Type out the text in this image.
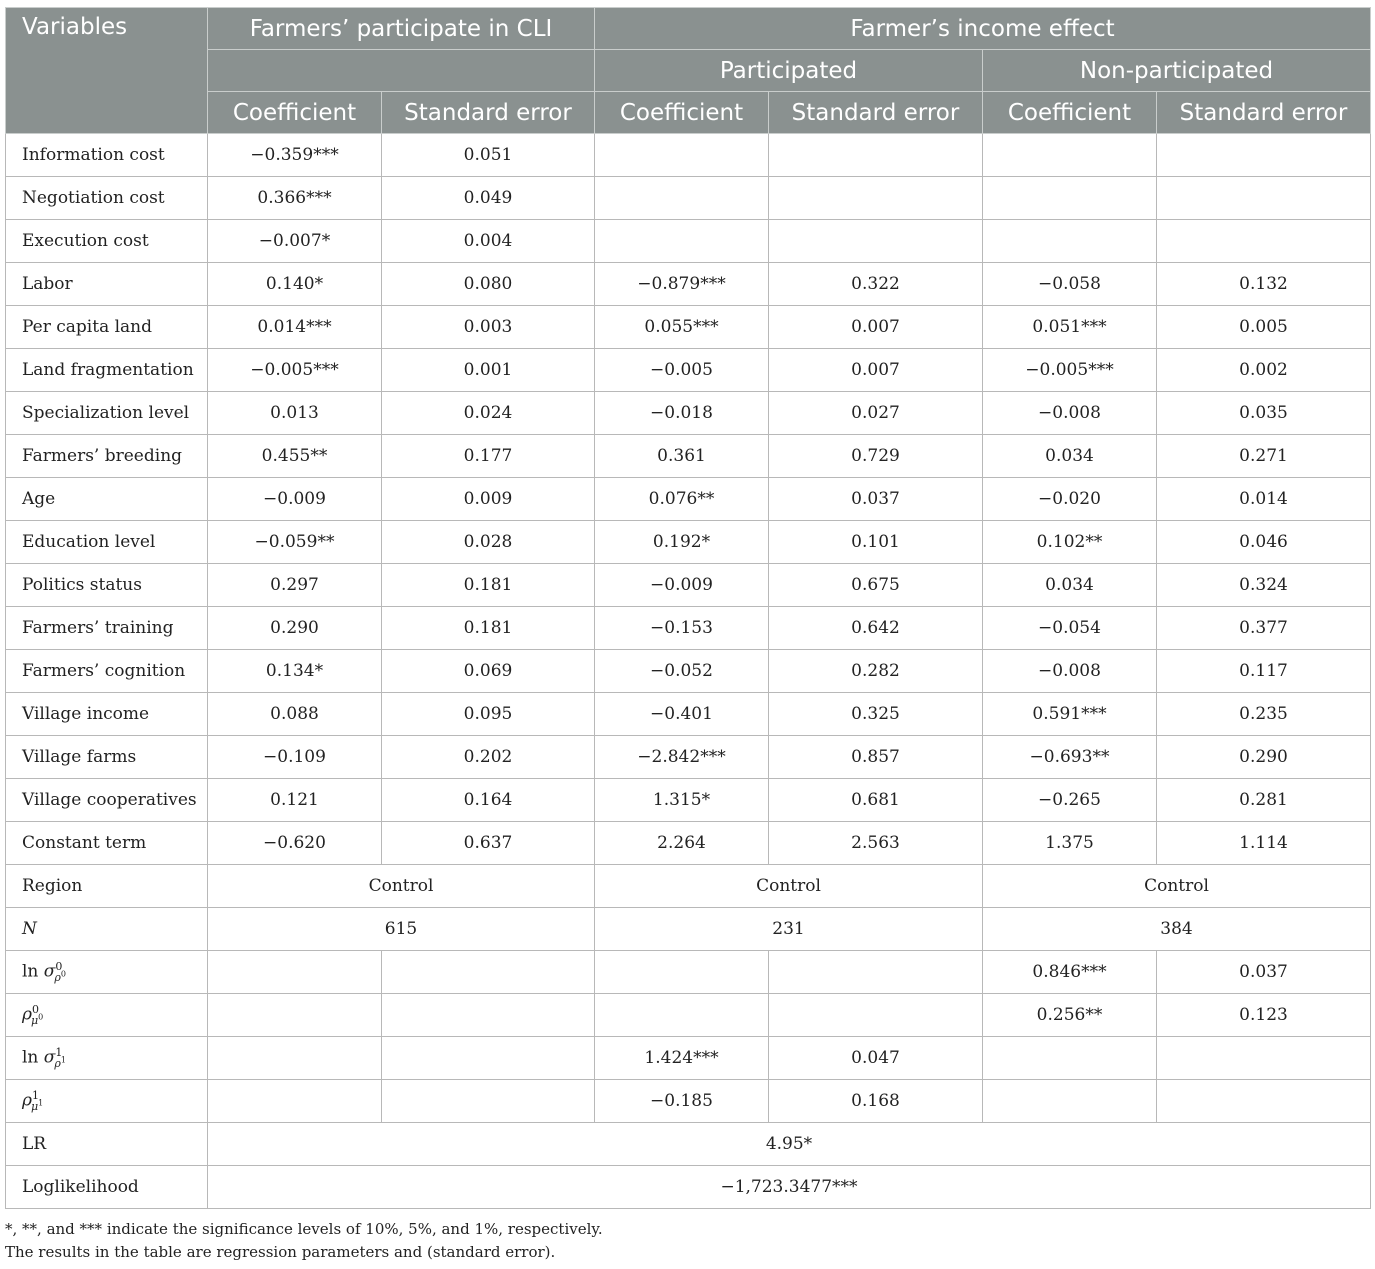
Variables	Farmers’ participate in CLI		Farmer’s income effect			
			Participated		Non-participated	
	Coefficient	Standard error	Coefficient	Standard error	Coefficient	Standard error
Information cost	−0.359***	0.051				
Negotiation cost	0.366***	0.049				
Execution cost	−0.007*	0.004				
Labor	0.140*	0.080	−0.879***	0.322	−0.058	0.132
Per capita land	0.014***	0.003	0.055***	0.007	0.051***	0.005
Land fragmentation	−0.005***	0.001	−0.005	0.007	−0.005***	0.002
Specialization level	0.013	0.024	−0.018	0.027	−0.008	0.035
Farmers’ breeding	0.455**	0.177	0.361	0.729	0.034	0.271
Age	−0.009	0.009	0.076**	0.037	−0.020	0.014
Education level	−0.059**	0.028	0.192*	0.101	0.102**	0.046
Politics status	0.297	0.181	−0.009	0.675	0.034	0.324
Farmers’ training	0.290	0.181	−0.153	0.642	−0.054	0.377
Farmers’ cognition	0.134*	0.069	−0.052	0.282	−0.008	0.117
Village income	0.088	0.095	−0.401	0.325	0.591***	0.235
Village farms	−0.109	0.202	−2.842***	0.857	−0.693**	0.290
Village cooperatives	0.121	0.164	1.315*	0.681	−0.265	0.281
Constant term	−0.620	0.637	2.264	2.563	1.375	1.114
Region	Control		Control		Control	
N	615		231		384	
$\ln \sigma^0_{\rho^0}$					0.846***	0.037
$\rho^0_{\mu^0}$					0.256**	0.123
$\ln \sigma^1_{\rho^1}$			1.424***	0.047		
$\rho^1_{\mu^1}$			−0.185	0.168		
LR	4.95*					
Loglikelihood	−1,723.3477***					
*, **, and *** indicate the significance levels of 10%, 5%, and 1%, respectively.
The results in the table are regression parameters and (standard error).
